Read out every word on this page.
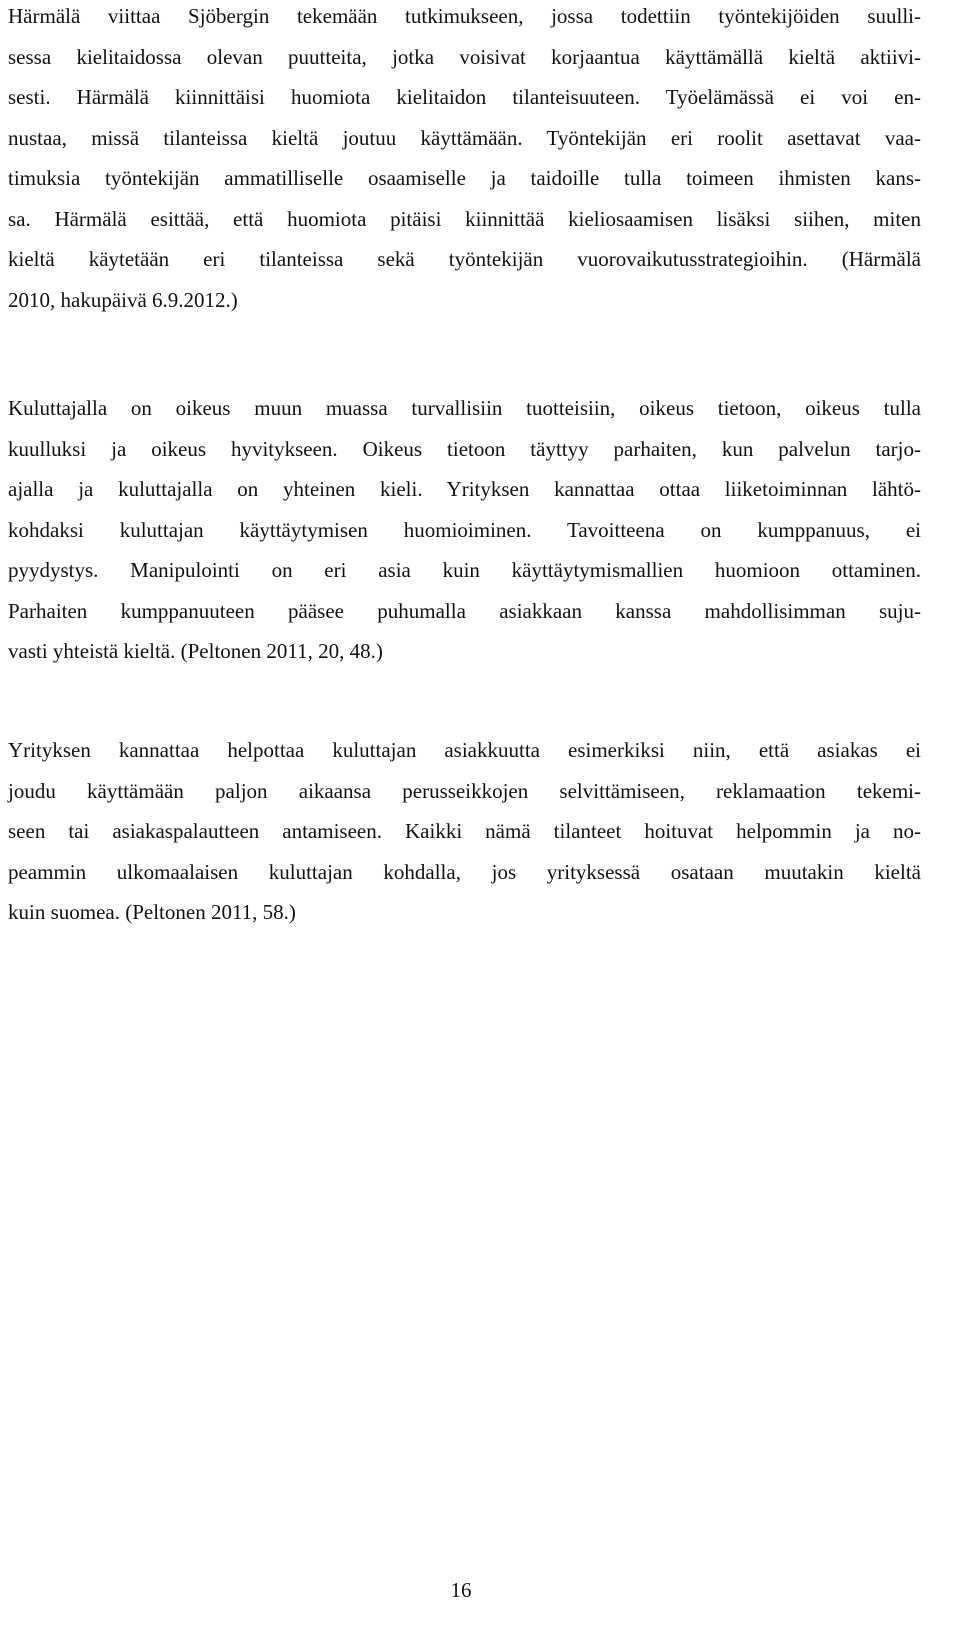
Härmälä viittaa Sjöbergin tekemään tutkimukseen, jossa todettiin työntekijöiden suulli-
sessa kielitaidossa olevan puutteita, jotka voisivat korjaantua käyttämällä kieltä aktiivi-
sesti. Härmälä kiinnittäisi huomiota kielitaidon tilanteisuuteen. Työelämässä ei voi en-
nustaa, missä tilanteissa kieltä joutuu käyttämään. Työntekijän eri roolit asettavat vaa-
timuksia työntekijän ammatilliselle osaamiselle ja taidoille tulla toimeen ihmisten kans-
sa. Härmälä esittää, että huomiota pitäisi kiinnittää kieliosaamisen lisäksi siihen, miten
kieltä käytetään eri tilanteissa sekä työntekijän vuorovaikutusstrategioihin. (Härmälä
2010, hakupäivä 6.9.2012.)
Kuluttajalla on oikeus muun muassa turvallisiin tuotteisiin, oikeus tietoon, oikeus tulla
kuulluksi ja oikeus hyvitykseen. Oikeus tietoon täyttyy parhaiten, kun palvelun tarjo-
ajalla ja kuluttajalla on yhteinen kieli. Yrityksen kannattaa ottaa liiketoiminnan lähtö-
kohdaksi kuluttajan käyttäytymisen huomioiminen. Tavoitteena on kumppanuus, ei
pyydystys. Manipulointi on eri asia kuin käyttäytymismallien huomioon ottaminen.
Parhaiten kumppanuuteen pääsee puhumalla asiakkaan kanssa mahdollisimman suju-
vasti yhteistä kieltä. (Peltonen 2011, 20, 48.)
Yrityksen kannattaa helpottaa kuluttajan asiakkuutta esimerkiksi niin, että asiakas ei
joudu käyttämään paljon aikaansa perusseikkojen selvittämiseen, reklamaation tekemi-
seen tai asiakaspalautteen antamiseen. Kaikki nämä tilanteet hoituvat helpommin ja no-
peammin ulkomaalaisen kuluttajan kohdalla, jos yrityksessä osataan muutakin kieltä
kuin suomea. (Peltonen 2011, 58.)
16
